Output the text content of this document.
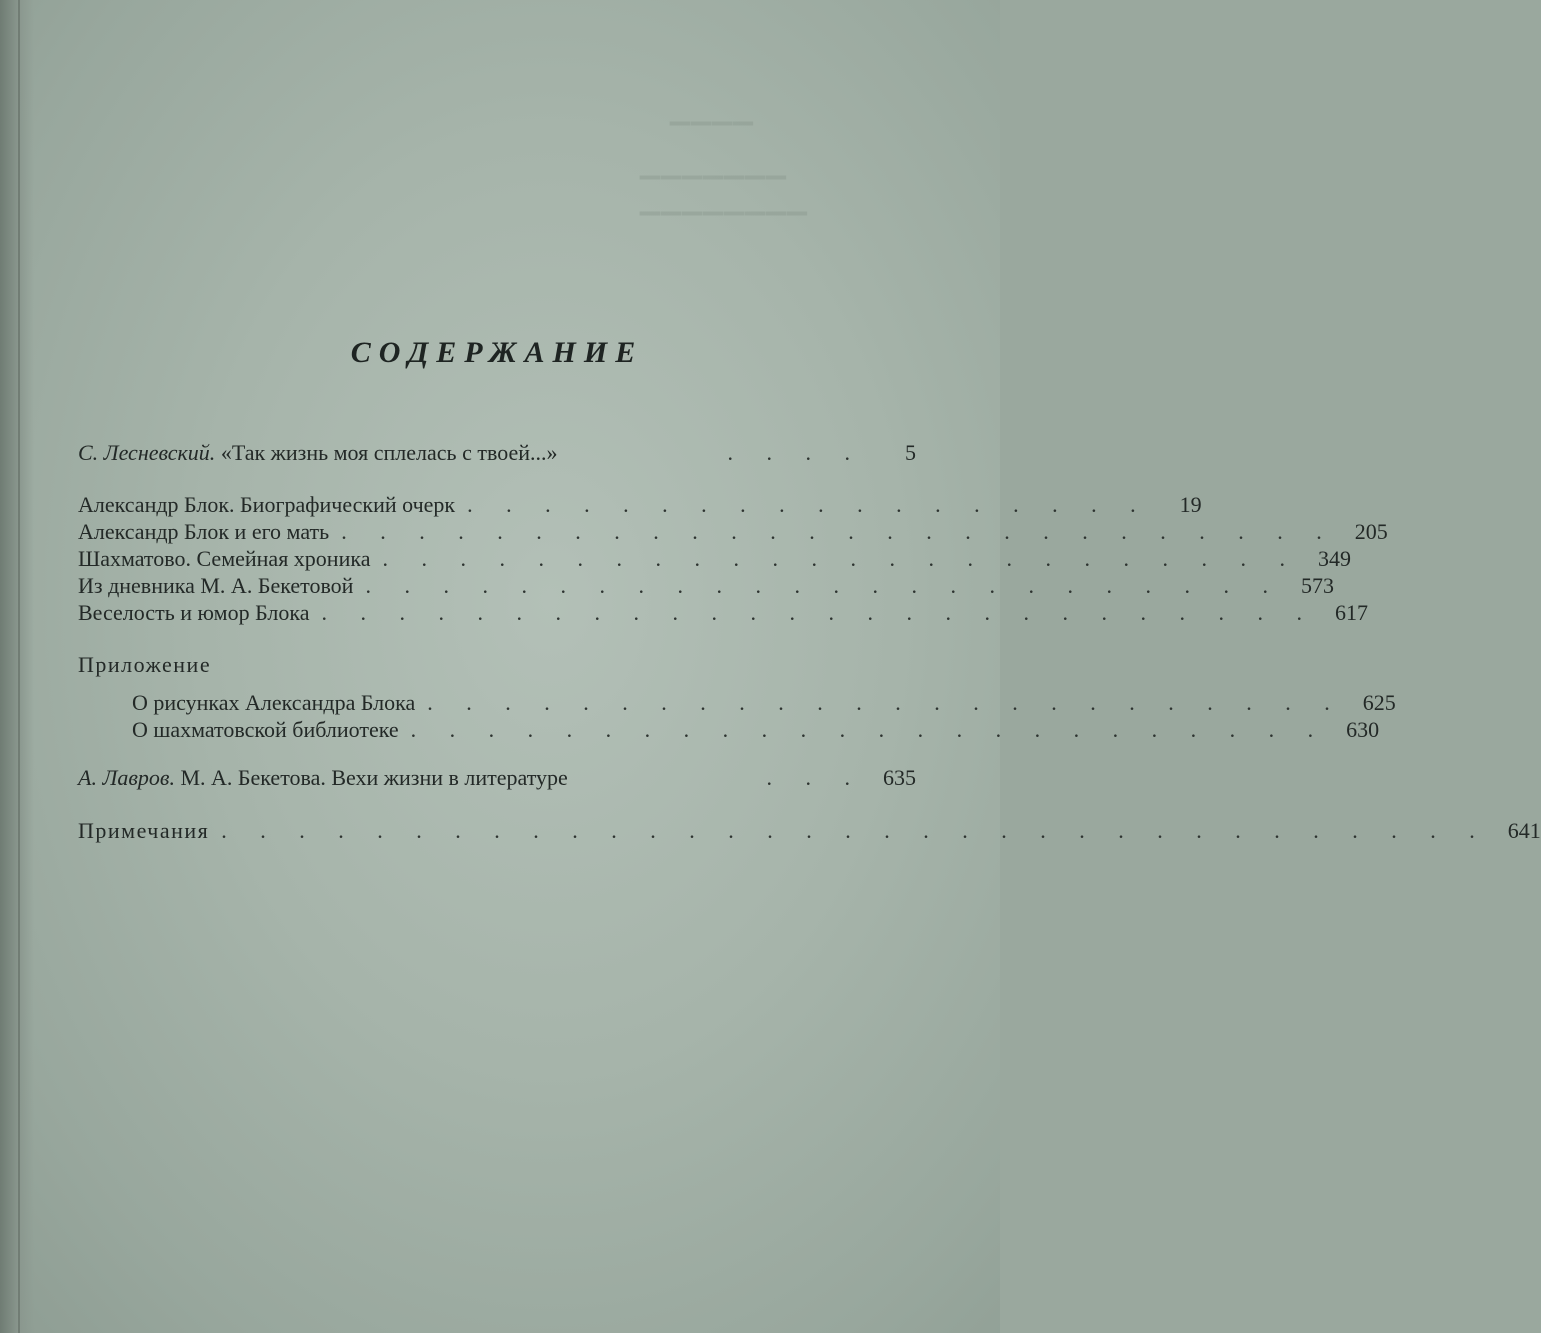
▁▁▁▁
▁▁▁▁▁▁▁
▁▁▁▁▁▁▁▁
СОДЕРЖАНИЕ
С. Лесневский. «Так жизнь моя сплелась с твоей...»	. . . .	5
Александр Блок. Биографический очерк . . . . . . . . . . . . . . . . . .	19
Александр Блок и его мать . . . . . . . . . . . . . . . . . . . . . . . . . . 205
Шахматово. Семейная хроника . . . . . . . . . . . . . . . . . . . . . . . . 349
Из дневника М. А. Бекетовой . . . . . . . . . . . . . . . . . . . . . . . . 573
Веселость и юмор Блока . . . . . . . . . . . . . . . . . . . . . . . . . . 617
Приложение
О рисунках Александра Блока . . . . . . . . . . . . . . . . . . . . . . . . 625
О шахматовской библиотеке . . . . . . . . . . . . . . . . . . . . . . . . 630
А. Лавров. М. А. Бекетова. Вехи жизни в литературе	. . . 635
Примечания . . . . . . . . . . . . . . . . . . . . . . . . . . . . . . . . . 641
